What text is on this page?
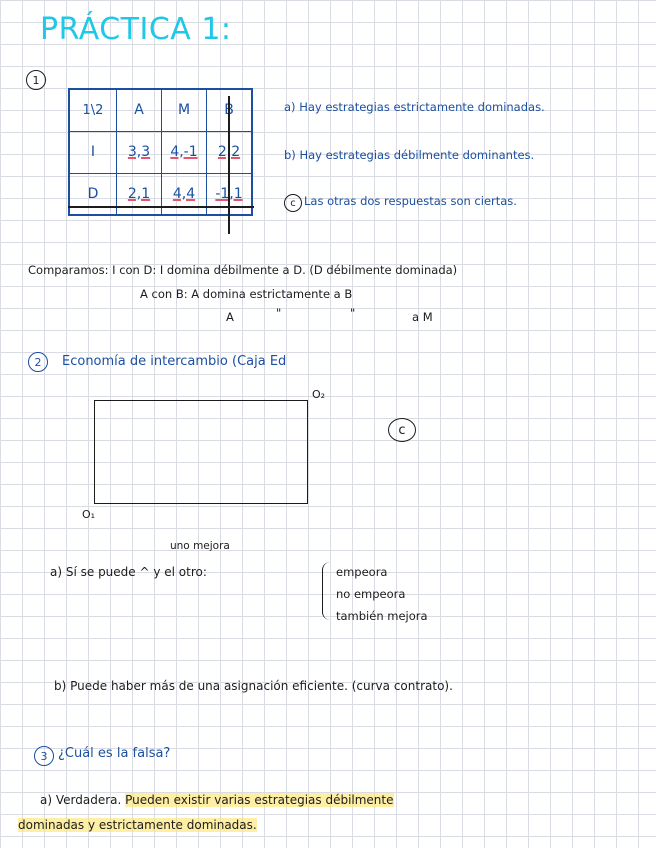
PRÁCTICA 1:
1
1\2	A	M	B
I	3,3	4,-1	2,2
D	2,1	4,4	-1,1
a) Hay estrategias estrictamente dominadas.
b) Hay estrategias débilmente dominantes.
c Las otras dos respuestas son ciertas.
Comparamos: I con D: I domina débilmente a D. (D débilmente dominada)
A con B: A domina estrictamente a B
A	"	"	a M
2	Economía de intercambio (Caja Ed
O₂
O₁
c
uno mejora
a) Sí se puede ^ y el otro:	empeora
no empeora
también mejora
b) Puede haber más de una asignación eficiente. (curva contrato).
3 ¿Cuál es la falsa?
a) Verdadera. Pueden existir varias estrategias débilmente
dominadas y estrictamente dominadas.
